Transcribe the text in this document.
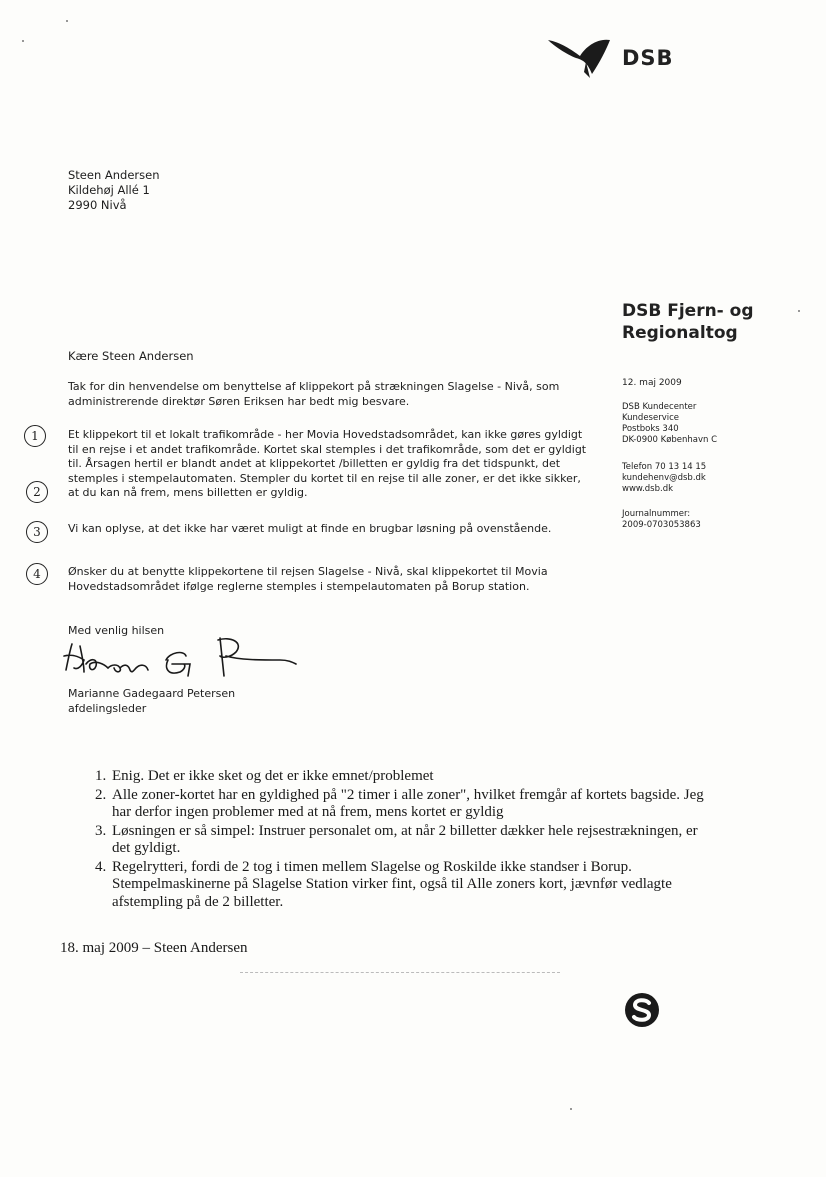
DSB
Steen Andersen
Kildehøj Allé 1
2990 Nivå
DSB Fjern- og
Regionaltog
Kære Steen Andersen
Tak for din henvendelse om benyttelse af klippekort på strækningen Slagelse - Nivå, som administrerende direktør Søren Eriksen har bedt mig besvare.
Et klippekort til et lokalt trafikområde - her Movia Hovedstadsområdet, kan ikke gøres gyldigt til en rejse i et andet trafikområde. Kortet skal stemples i det trafikområde, som det er gyldigt til. Årsagen hertil er blandt andet at klippekortet /billetten er gyldig fra det tidspunkt, det stemples i stempelautomaten. Stempler du kortet til en rejse til alle zoner, er det ikke sikker, at du kan nå frem, mens billetten er gyldig.
Vi kan oplyse, at det ikke har været muligt at finde en brugbar løsning på ovenstående.
Ønsker du at benytte klippekortene til rejsen Slagelse - Nivå, skal klippekortet til Movia Hovedstadsområdet ifølge reglerne stemples i stempelautomaten på Borup station.
1
2
3
4
Med venlig hilsen
Marianne Gadegaard Petersen
afdelingsleder
12. maj 2009
DSB Kundecenter
Kundeservice
Postboks 340
DK-0900 København C
Telefon 70 13 14 15
kundehenv@dsb.dk
www.dsb.dk
Journalnummer:
2009-0703053863
1. Enig. Det er ikke sket og det er ikke emnet/problemet
2. Alle zoner-kortet har en gyldighed på "2 timer i alle zoner", hvilket fremgår af kortets bagside. Jeg har derfor ingen problemer med at nå frem, mens kortet er gyldig
3. Løsningen er så simpel: Instruer personalet om, at når 2 billetter dækker hele rejsestrækningen, er det gyldigt.
4. Regelrytteri, fordi de 2 tog i timen mellem Slagelse og Roskilde ikke standser i Borup. Stempelmaskinerne på Slagelse Station virker fint, også til Alle zoners kort, jævnfør vedlagte afstempling på de 2 billetter.
18. maj 2009 – Steen Andersen
